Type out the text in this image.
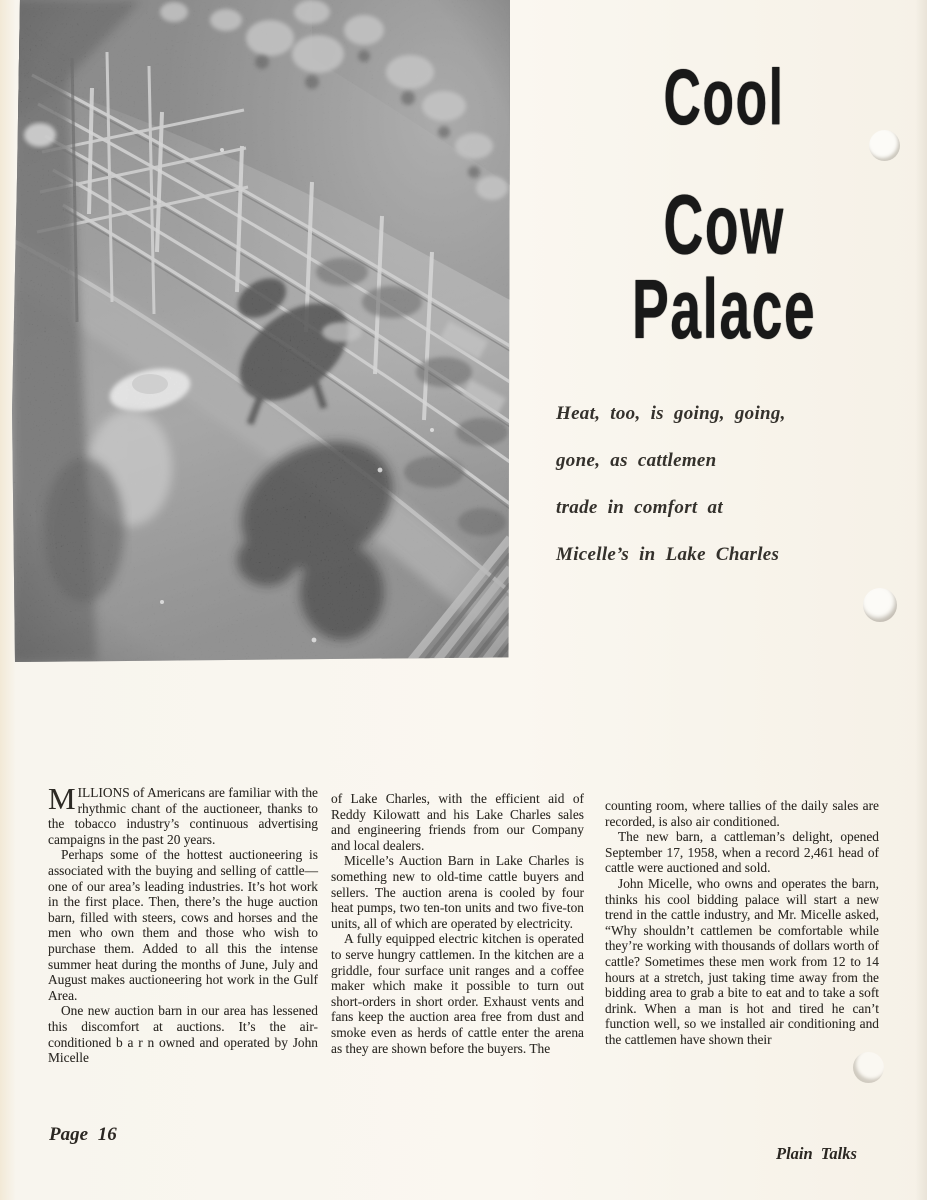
Cool
Cow Palace
Heat, too, is going, going,
gone, as cattlemen
trade in comfort at
Micelle’s in Lake Charles

MILLIONS of Americans are familiar with the rhythmic chant of the auctioneer, thanks to the tobacco industry’s continuous advertising campaigns in the past 20 years.

Perhaps some of the hottest auctioneering is associated with the buying and selling of cattle—one of our area’s leading industries. It’s hot work in the first place. Then, there’s the huge auction barn, filled with steers, cows and horses and the men who own them and those who wish to purchase them. Added to all this the intense summer heat during the months of June, July and August makes auctioneering hot work in the Gulf Area.

One new auction barn in our area has lessened this discomfort at auctions. It’s the air-conditioned b a r n owned and operated by John Micelle

of Lake Charles, with the efficient aid of Reddy Kilowatt and his Lake Charles sales and engineering friends from our Company and local dealers.

Micelle’s Auction Barn in Lake Charles is something new to old-time cattle buyers and sellers. The auction arena is cooled by four heat pumps, two ten-ton units and two five-ton units, all of which are operated by electricity.

A fully equipped electric kitchen is operated to serve hungry cattlemen. In the kitchen are a griddle, four surface unit ranges and a coffee maker which make it possible to turn out short-orders in short order. Exhaust vents and fans keep the auction area free from dust and smoke even as herds of cattle enter the arena as they are shown before the buyers. The

counting room, where tallies of the daily sales are recorded, is also air conditioned.

The new barn, a cattleman’s delight, opened September 17, 1958, when a record 2,461 head of cattle were auctioned and sold.

John Micelle, who owns and operates the barn, thinks his cool bidding palace will start a new trend in the cattle industry, and Mr. Micelle asked, “Why shouldn’t cattlemen be comfortable while they’re working with thousands of dollars worth of cattle? Sometimes these men work from 12 to 14 hours at a stretch, just taking time away from the bidding area to grab a bite to eat and to take a soft drink. When a man is hot and tired he can’t function well, so we installed air conditioning and the cattlemen have shown their

Page 16
Plain Talks
